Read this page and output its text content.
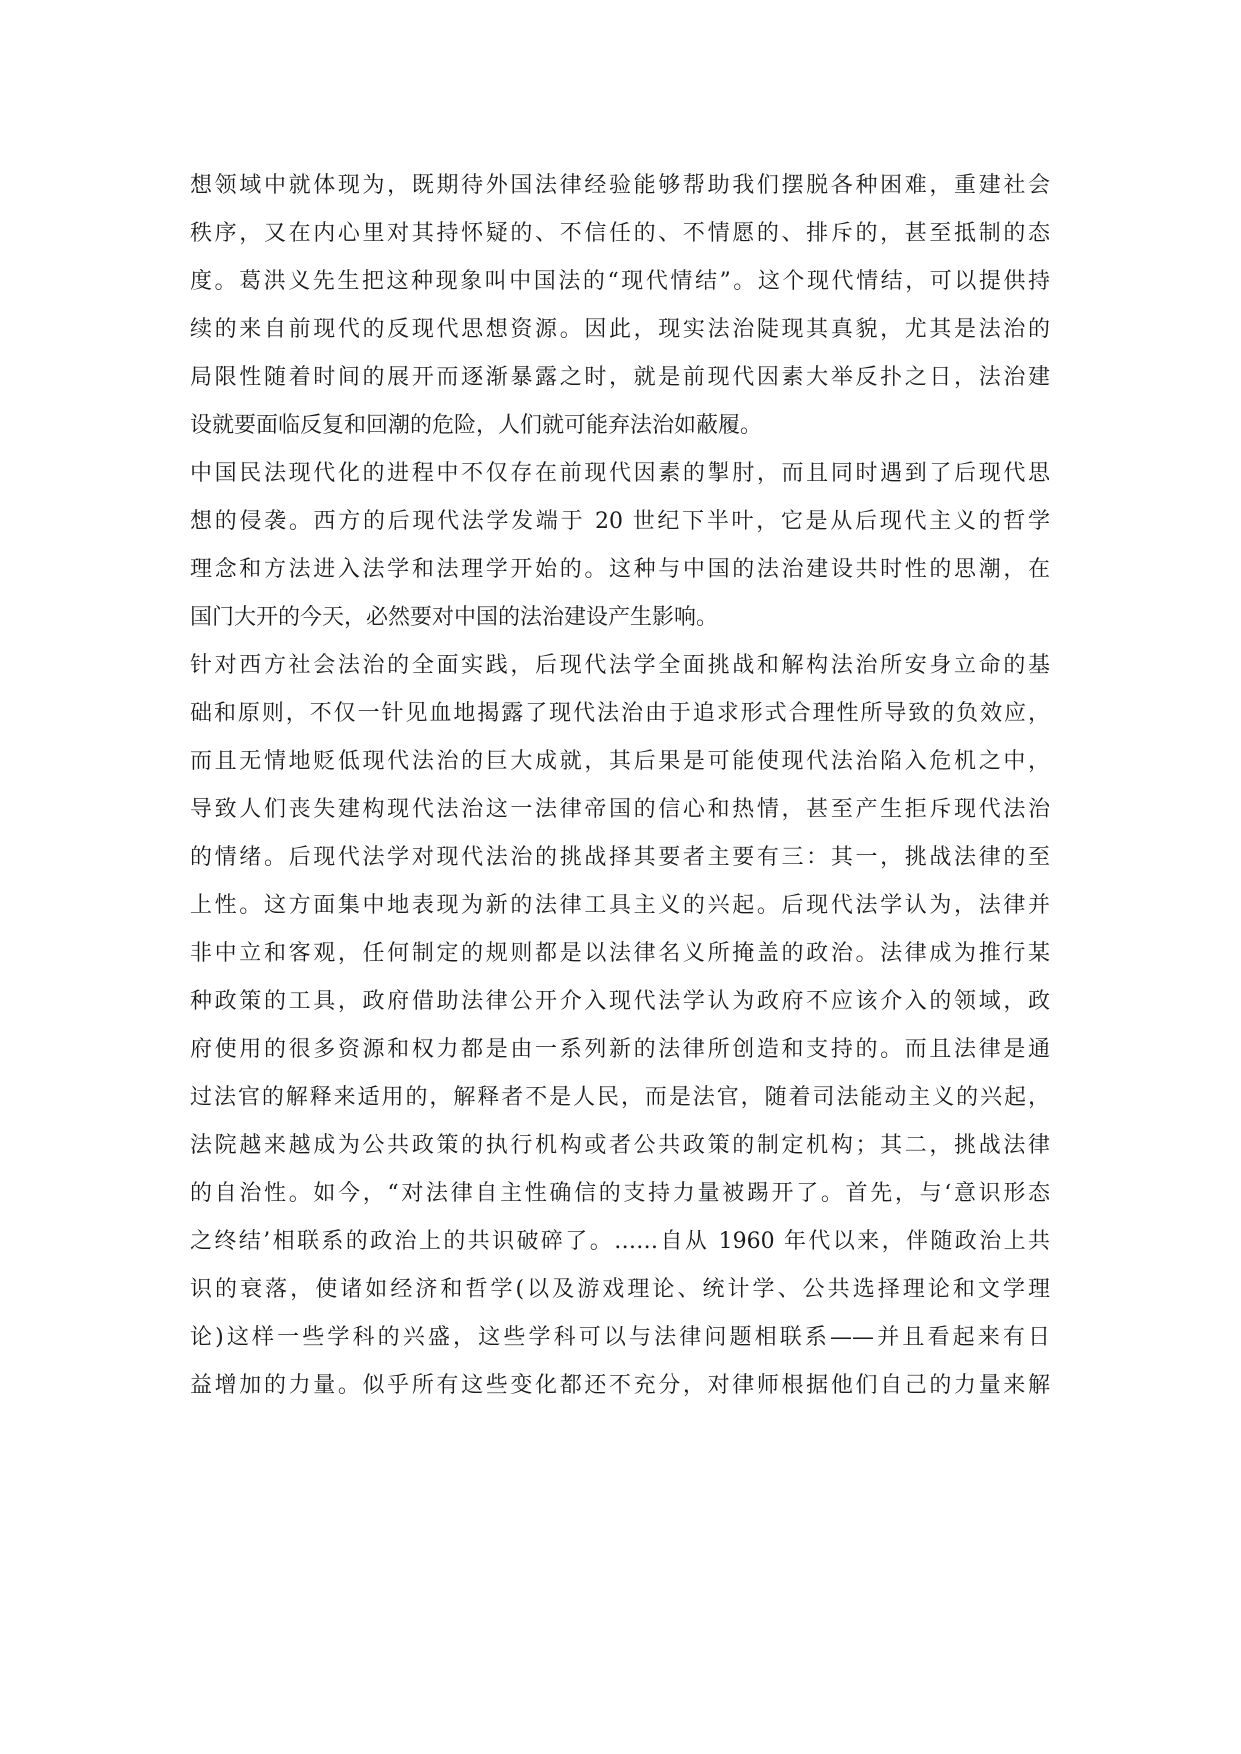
想领域中就体现为，既期待外国法律经验能够帮助我们摆脱各种困难，重建社会
秩序，又在内心里对其持怀疑的、不信任的、不情愿的、排斥的，甚至抵制的态
度。葛洪义先生把这种现象叫中国法的“现代情结”。这个现代情结，可以提供持
续的来自前现代的反现代思想资源。因此，现实法治陡现其真貌，尤其是法治的
局限性随着时间的展开而逐渐暴露之时，就是前现代因素大举反扑之日，法治建
设就要面临反复和回潮的危险，人们就可能弃法治如蔽履。
中国民法现代化的进程中不仅存在前现代因素的掣肘，而且同时遇到了后现代思
想的侵袭。西方的后现代法学发端于 20 世纪下半叶，它是从后现代主义的哲学
理念和方法进入法学和法理学开始的。这种与中国的法治建设共时性的思潮，在
国门大开的今天，必然要对中国的法治建设产生影响。
针对西方社会法治的全面实践，后现代法学全面挑战和解构法治所安身立命的基
础和原则，不仅一针见血地揭露了现代法治由于追求形式合理性所导致的负效应，
而且无情地贬低现代法治的巨大成就，其后果是可能使现代法治陷入危机之中，
导致人们丧失建构现代法治这一法律帝国的信心和热情，甚至产生拒斥现代法治
的情绪。后现代法学对现代法治的挑战择其要者主要有三：其一，挑战法律的至
上性。这方面集中地表现为新的法律工具主义的兴起。后现代法学认为，法律并
非中立和客观，任何制定的规则都是以法律名义所掩盖的政治。法律成为推行某
种政策的工具，政府借助法律公开介入现代法学认为政府不应该介入的领域，政
府使用的很多资源和权力都是由一系列新的法律所创造和支持的。而且法律是通
过法官的解释来适用的，解释者不是人民，而是法官，随着司法能动主义的兴起，
法院越来越成为公共政策的执行机构或者公共政策的制定机构；其二，挑战法律
的自治性。如今，“对法律自主性确信的支持力量被踢开了。首先，与‘意识形态
之终结’相联系的政治上的共识破碎了。……自从 1960 年代以来，伴随政治上共
识的衰落，使诸如经济和哲学(以及游戏理论、统计学、公共选择理论和文学理
论)这样一些学科的兴盛，这些学科可以与法律问题相联系——并且看起来有日
益增加的力量。似乎所有这些变化都还不充分，对律师根据他们自己的力量来解
